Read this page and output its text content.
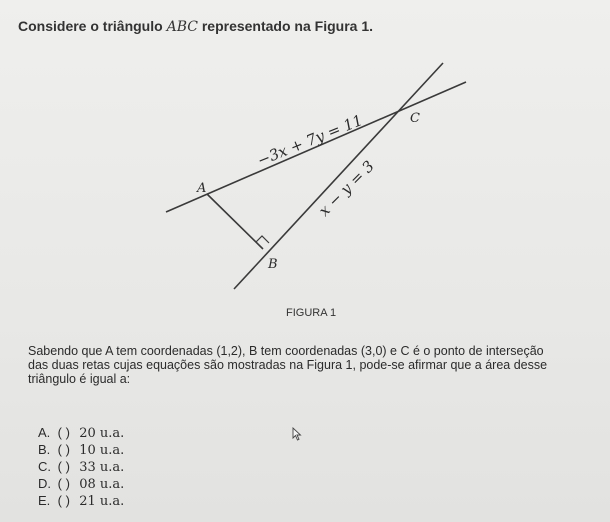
Considere o triângulo ABC representado na Figura 1.
−3x + 7y = 11
x − y = 3
A
B
C
FIGURA 1
Sabendo que A tem coordenadas (1,2), B tem coordenadas (3,0) e C é o ponto de interseção
das duas retas cujas equações são mostradas na Figura 1, pode-se afirmar que a área desse
triângulo é igual a:
A. ( ) 20 u.a.
B. ( ) 10 u.a.
C. ( ) 33 u.a.
D. ( ) 08 u.a.
E. ( ) 21 u.a.
